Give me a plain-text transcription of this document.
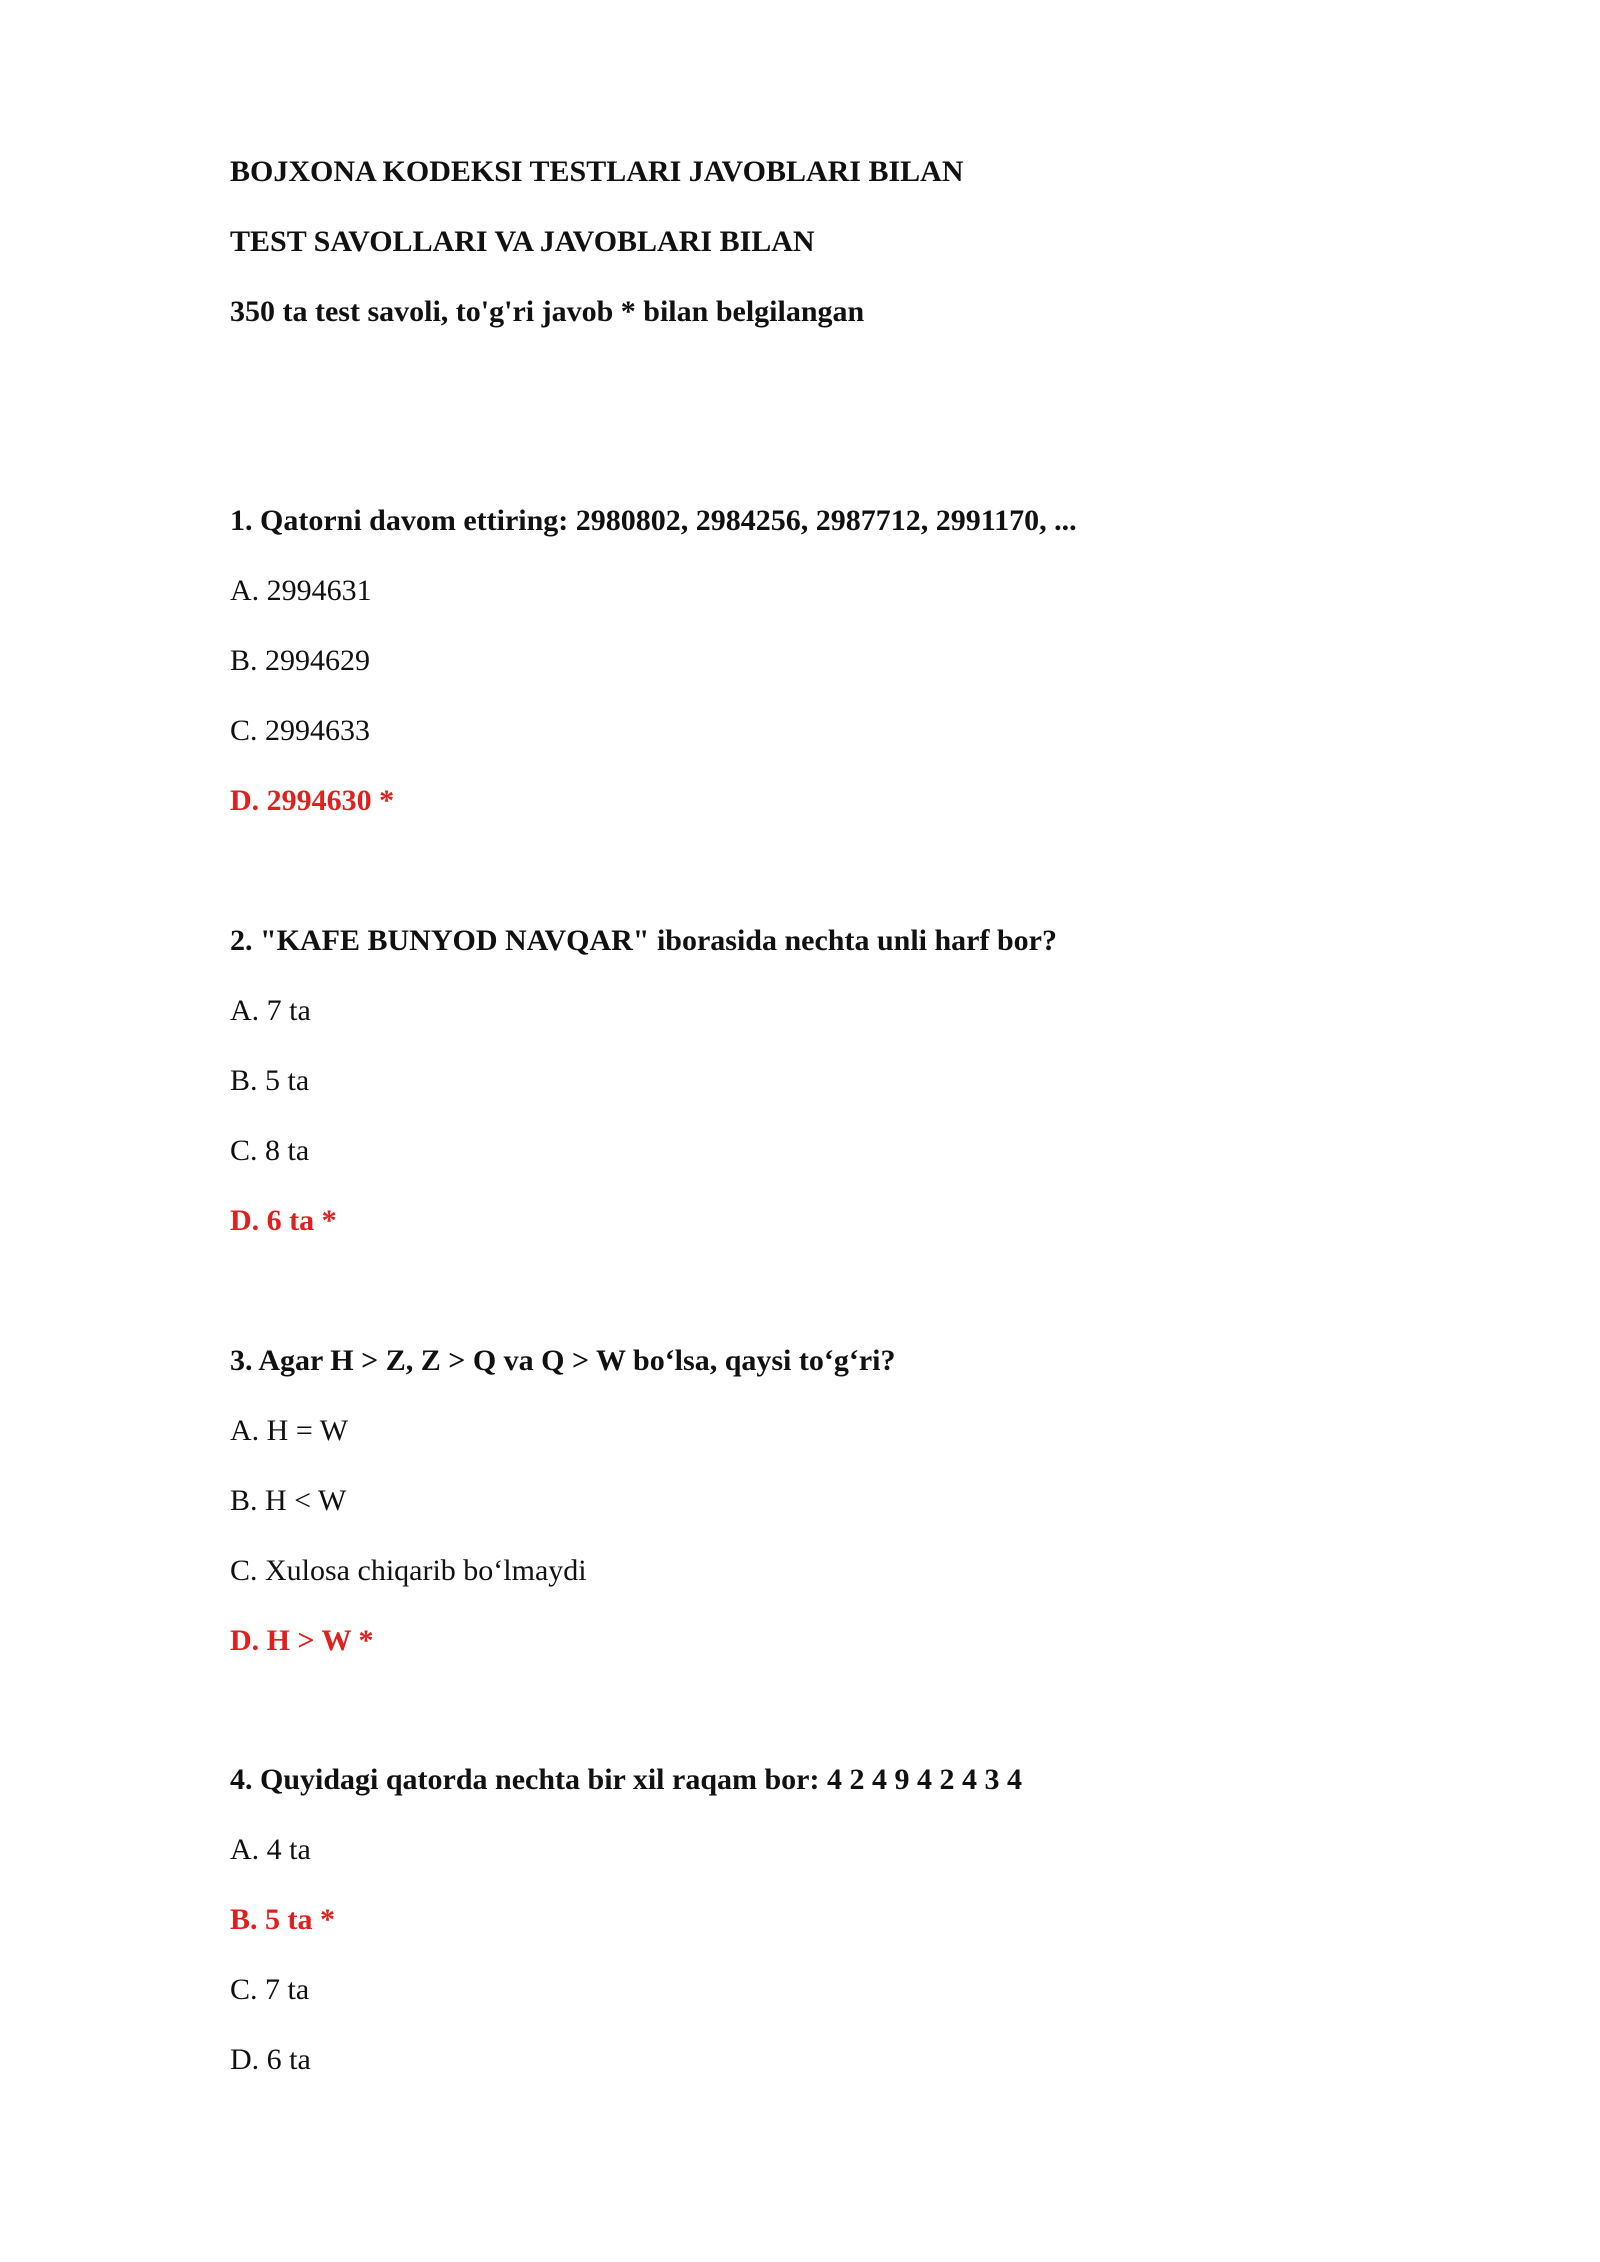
BOJXONA KODEKSI TESTLARI JAVOBLARI BILAN
TEST SAVOLLARI VA JAVOBLARI BILAN
350 ta test savoli, to'g'ri javob * bilan belgilangan
1. Qatorni davom ettiring: 2980802, 2984256, 2987712, 2991170, ...
A. 2994631
B. 2994629
C. 2994633
D. 2994630 *
2. "KAFE BUNYOD NAVQAR" iborasida nechta unli harf bor?
A. 7 ta
B. 5 ta
C. 8 ta
D. 6 ta *
3. Agar H > Z, Z > Q va Q > W bo‘lsa, qaysi to‘g‘ri?
A. H = W
B. H < W
C. Xulosa chiqarib bo‘lmaydi
D. H > W *
4. Quyidagi qatorda nechta bir xil raqam bor: 4 2 4 9 4 2 4 3 4
A. 4 ta
B. 5 ta *
C. 7 ta
D. 6 ta
